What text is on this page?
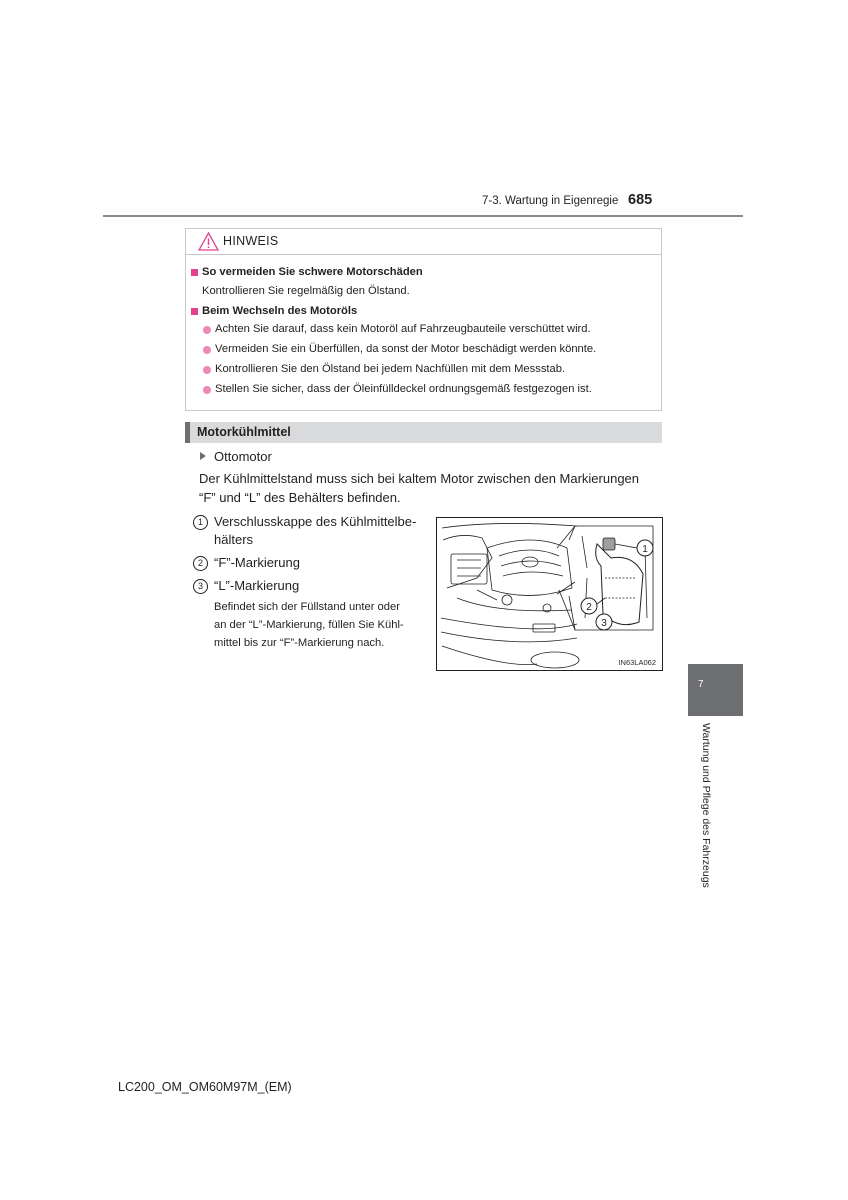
7-3. Wartung in Eigenregie 685
HINWEIS
So vermeiden Sie schwere Motorschäden
Kontrollieren Sie regelmäßig den Ölstand.
Beim Wechseln des Motoröls
Achten Sie darauf, dass kein Motoröl auf Fahrzeugbauteile verschüttet wird.
Vermeiden Sie ein Überfüllen, da sonst der Motor beschädigt werden könnte.
Kontrollieren Sie den Ölstand bei jedem Nachfüllen mit dem Messstab.
Stellen Sie sicher, dass der Öleinfülldeckel ordnungsgemäß festgezogen ist.
Motorkühlmittel
Ottomotor
Der Kühlmittelstand muss sich bei kaltem Motor zwischen den Markierungen
“F” und “L” des Behälters befinden.
1 Verschlusskappe des Kühlmittelbe-
hälters
2 “F”-Markierung
3 “L”-Markierung
Befindet sich der Füllstand unter oder
an der “L”-Markierung, füllen Sie Kühl-
mittel bis zur “F”-Markierung nach.
1
2
3
IN63LA062
7
Wartung und Pflege des Fahrzeugs
LC200_OM_OM60M97M_(EM)
